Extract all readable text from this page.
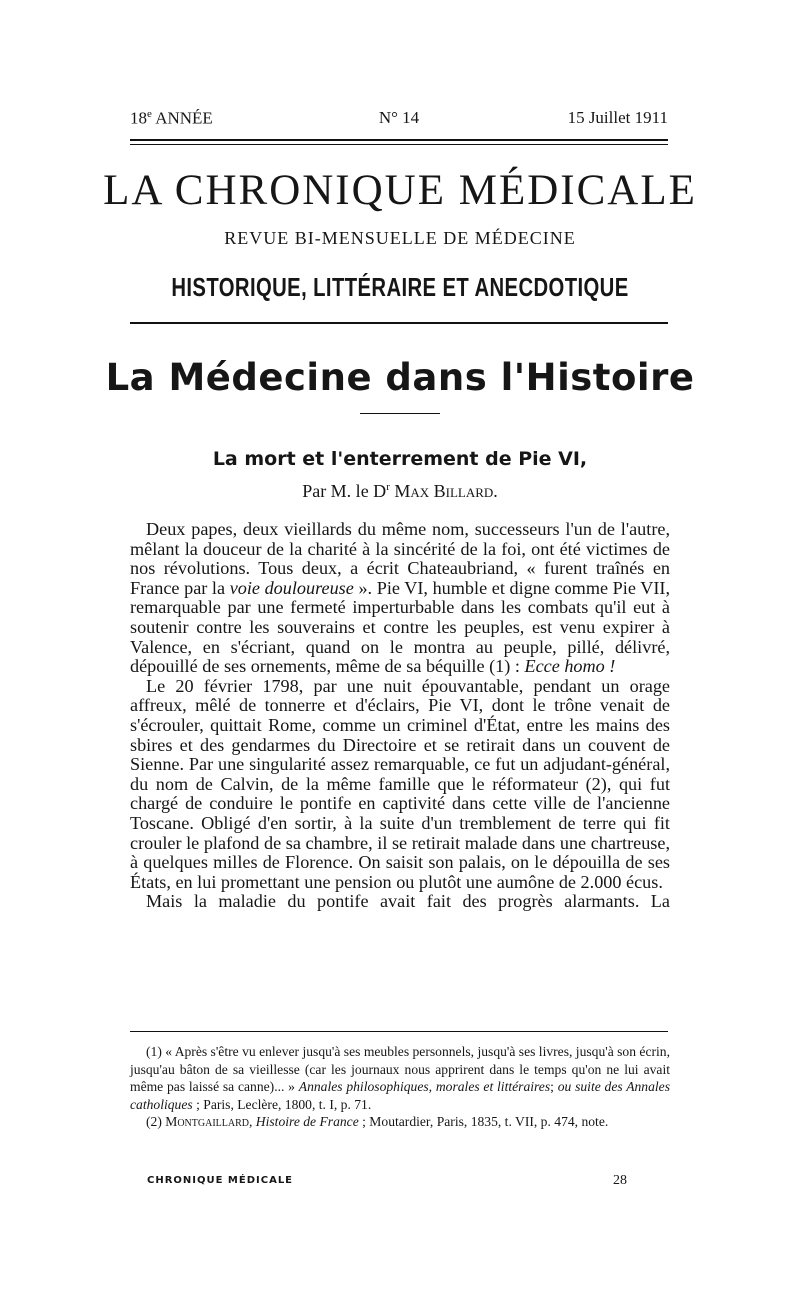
18e ANNÉE	N° 14	15 Juillet 1911
LA CHRONIQUE MÉDICALE
REVUE BI-MENSUELLE DE MÉDECINE
HISTORIQUE, LITTÉRAIRE ET ANECDOTIQUE
La Médecine dans l'Histoire
La mort et l'enterrement de Pie VI,
Par M. le $D^r$ Max Billard.

Deux papes, deux vieillards du même nom, successeurs l'un de l'autre, mêlant la douceur de la charité à la sincérité de la foi, ont été victimes de nos révolutions. Tous deux, a écrit Chateaubriand, « furent traînés en France par la voie douloureuse ». Pie VI, humble et digne comme Pie VII, remarquable par une fermeté imperturbable dans les combats qu'il eut à soutenir contre les souverains et contre les peuples, est venu expirer à Valence, en s'écriant, quand on le montra au peuple, pillé, délivré, dépouillé de ses ornements, même de sa béquille (1) : Ecce homo !

Le 20 février 1798, par une nuit épouvantable, pendant un orage affreux, mêlé de tonnerre et d'éclairs, Pie VI, dont le trône venait de s'écrouler, quittait Rome, comme un criminel d'État, entre les mains des sbires et des gendarmes du Directoire et se retirait dans un couvent de Sienne. Par une singularité assez remarquable, ce fut un adjudant-général, du nom de Calvin, de la même famille que le réformateur (2), qui fut chargé de conduire le pontife en captivité dans cette ville de l'ancienne Toscane. Obligé d'en sortir, à la suite d'un tremblement de terre qui fit crouler le plafond de sa chambre, il se retirait malade dans une chartreuse, à quelques milles de Florence. On saisit son palais, on le dépouilla de ses États, en lui promettant une pension ou plutôt une aumône de 2.000 écus.

Mais la maladie du pontife avait fait des progrès alarmants. La

(1) « Après s'être vu enlever jusqu'à ses meubles personnels, jusqu'à ses livres, jusqu'à son écrin, jusqu'au bâton de sa vieillesse (car les journaux nous apprirent dans le temps qu'on ne lui avait même pas laissé sa canne)... » Annales philosophiques, morales et littéraires; ou suite des Annales catholiques ; Paris, Leclère, 1800, t. I, p. 71.

(2) Montgaillard, Histoire de France ; Moutardier, Paris, 1835, t. VII, p. 474, note.

CHRONIQUE MÉDICALE	28
